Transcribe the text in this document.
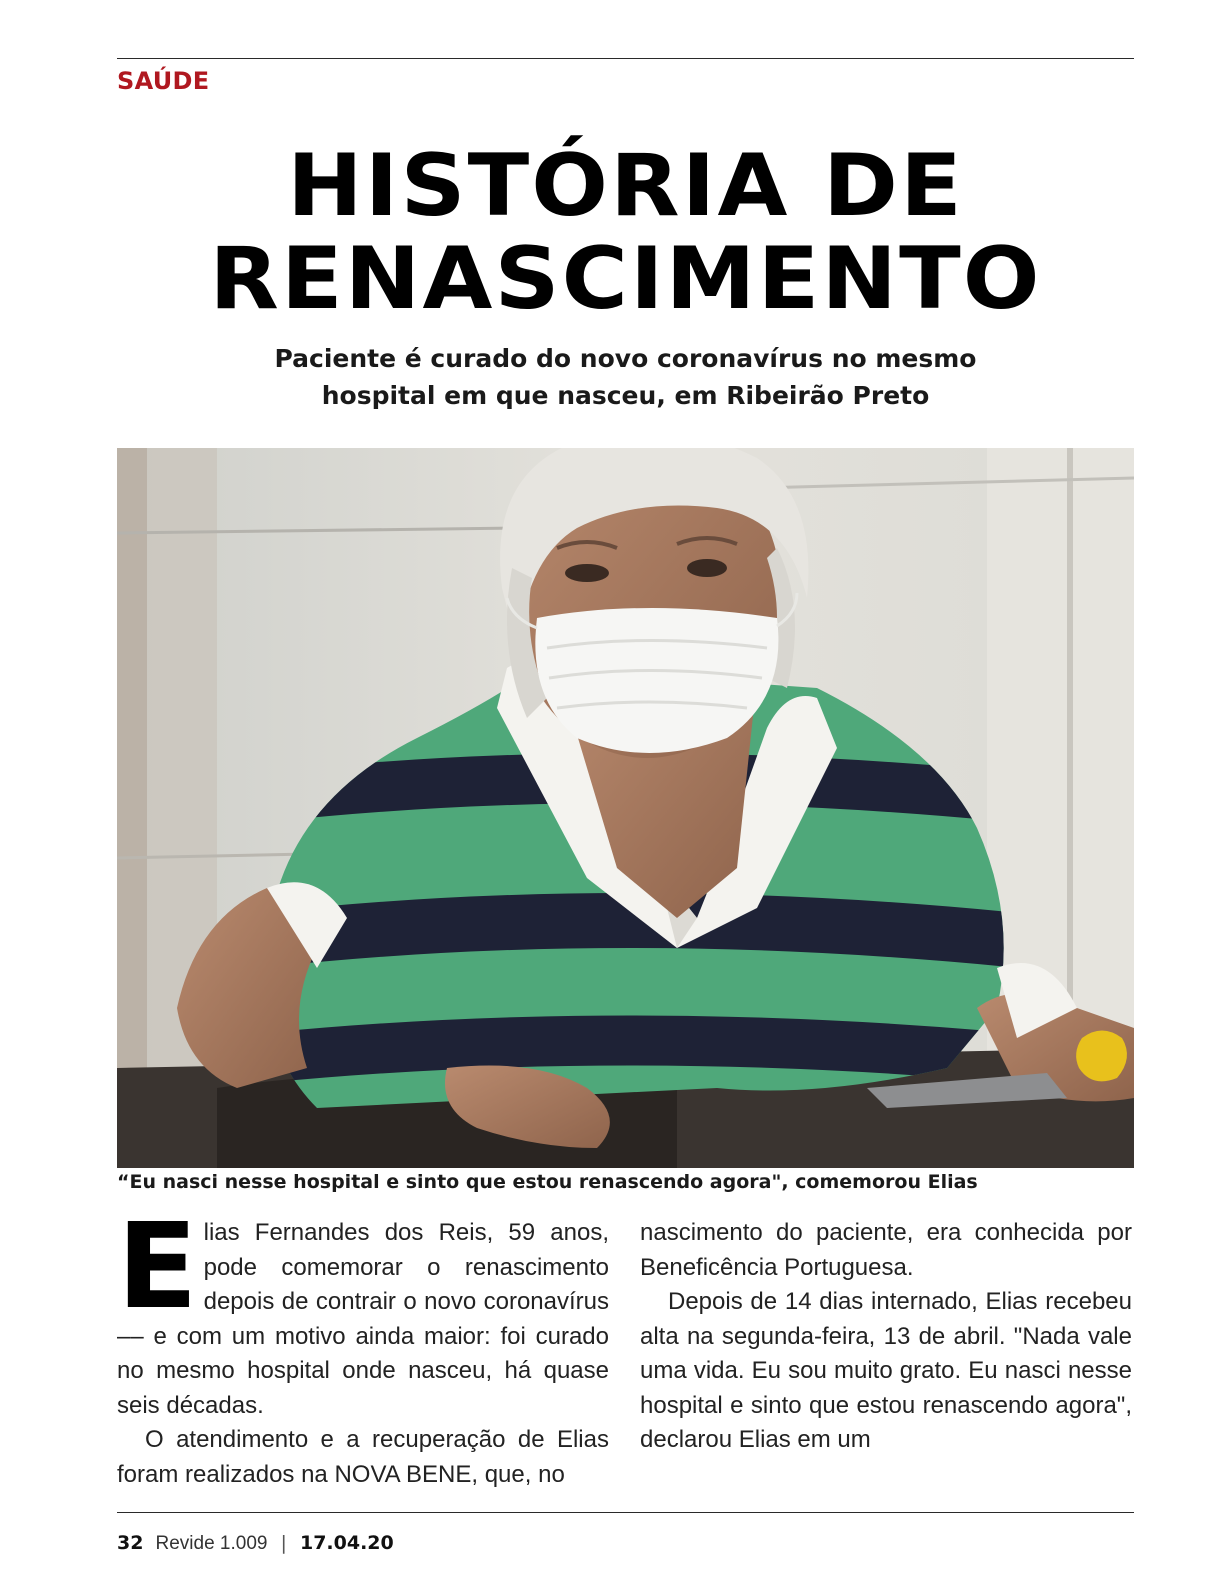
SAÚDE
HISTÓRIA DE
RENASCIMENTO
Paciente é curado do novo coronavírus no mesmo
hospital em que nasceu, em Ribeirão Preto
“Eu nasci nesse hospital e sinto que estou renascendo agora", comemorou Elias

Elias Fernandes dos Reis, 59 anos, pode comemorar o renascimento depois de contrair o novo coronavírus –– e com um motivo ainda maior: foi curado no mesmo hospital onde nasceu, há quase seis décadas.

O atendimento e a recuperação de Elias foram realizados na NOVA BENE, que, no

nascimento do paciente, era conhecida por Beneficência Portuguesa.

Depois de 14 dias internado, Elias recebeu alta na segunda-feira, 13 de abril. "Nada vale uma vida. Eu sou muito grato. Eu nasci nesse hospital e sinto que estou renascendo agora", declarou Elias em um

32 Revide 1.009 | 17.04.20
